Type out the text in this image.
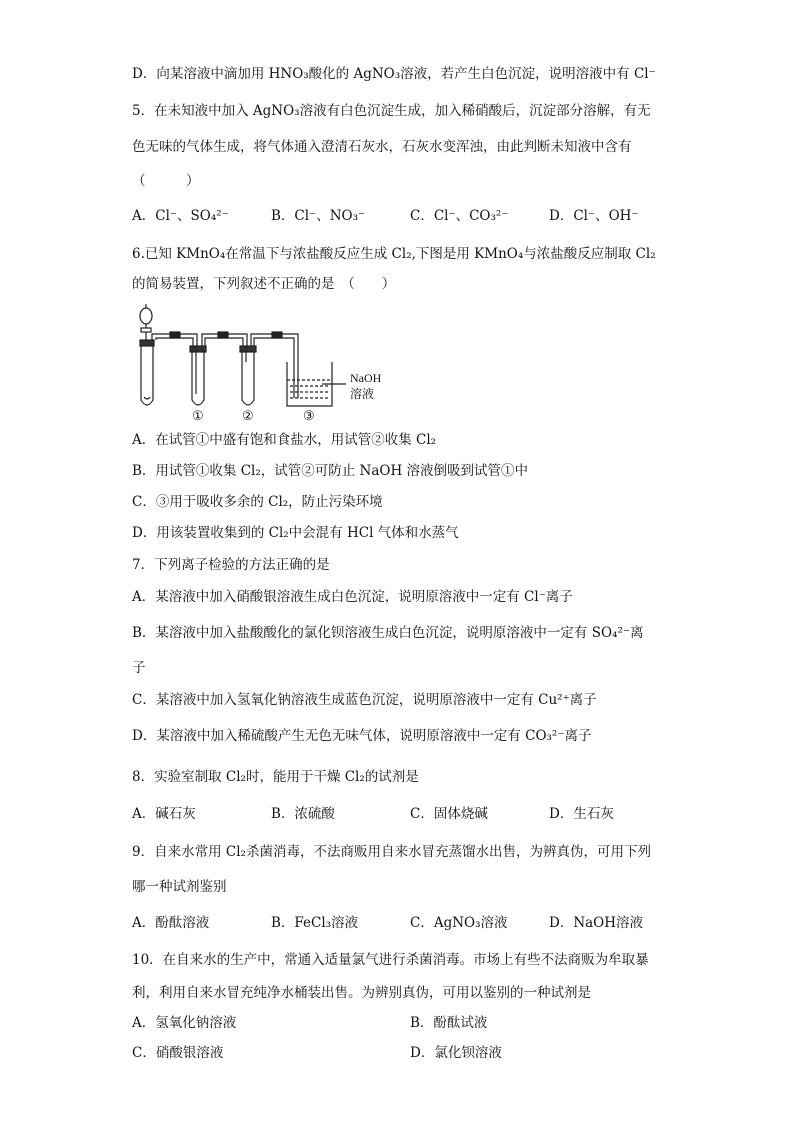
D．向某溶液中滴加用 HNO₃酸化的 AgNO₃溶液，若产生白色沉淀，说明溶液中有 Cl⁻
5．在未知液中加入 AgNO₃溶液有白色沉淀生成，加入稀硝酸后，沉淀部分溶解，有无
色无味的气体生成，将气体通入澄清石灰水，石灰水变浑浊，由此判断未知液中含有
（　　　）
A．Cl⁻、SO₄²⁻	B．Cl⁻、NO₃⁻	C．Cl⁻、CO₃²⁻	D．Cl⁻、OH⁻
6.已知 KMnO₄在常温下与浓盐酸反应生成 Cl₂,下图是用 KMnO₄与浓盐酸反应制取 Cl₂
的简易装置，下列叙述不正确的是　（　　）
NaOH
溶液
①	②	③
A．在试管①中盛有饱和食盐水，用试管②收集 Cl₂
B．用试管①收集 Cl₂，试管②可防止 NaOH 溶液倒吸到试管①中
C．③用于吸收多余的 Cl₂，防止污染环境
D．用该装置收集到的 Cl₂中会混有 HCl 气体和水蒸气
7．下列离子检验的方法正确的是
A．某溶液中加入硝酸银溶液生成白色沉淀，说明原溶液中一定有 Cl⁻离子
B．某溶液中加入盐酸酸化的氯化钡溶液生成白色沉淀，说明原溶液中一定有 SO₄²⁻离
子
C．某溶液中加入氢氧化钠溶液生成蓝色沉淀，说明原溶液中一定有 Cu²⁺离子
D．某溶液中加入稀硫酸产生无色无味气体，说明原溶液中一定有 CO₃²⁻离子
8．实验室制取 Cl₂时，能用于干燥 Cl₂的试剂是
A．碱石灰	B．浓硫酸	C．固体烧碱	D．生石灰
9．自来水常用 Cl₂杀菌消毒，不法商贩用自来水冒充蒸馏水出售，为辨真伪，可用下列
哪一种试剂鉴别
A．酚酞溶液	B．FeCl₃溶液	C．AgNO₃溶液	D．NaOH溶液
10．在自来水的生产中，常通入适量氯气进行杀菌消毒。市场上有些不法商贩为牟取暴
利，利用自来水冒充纯净水桶装出售。为辨别真伪，可用以鉴别的一种试剂是
A．氢氧化钠溶液	B．酚酞试液
C．硝酸银溶液	D．氯化钡溶液
